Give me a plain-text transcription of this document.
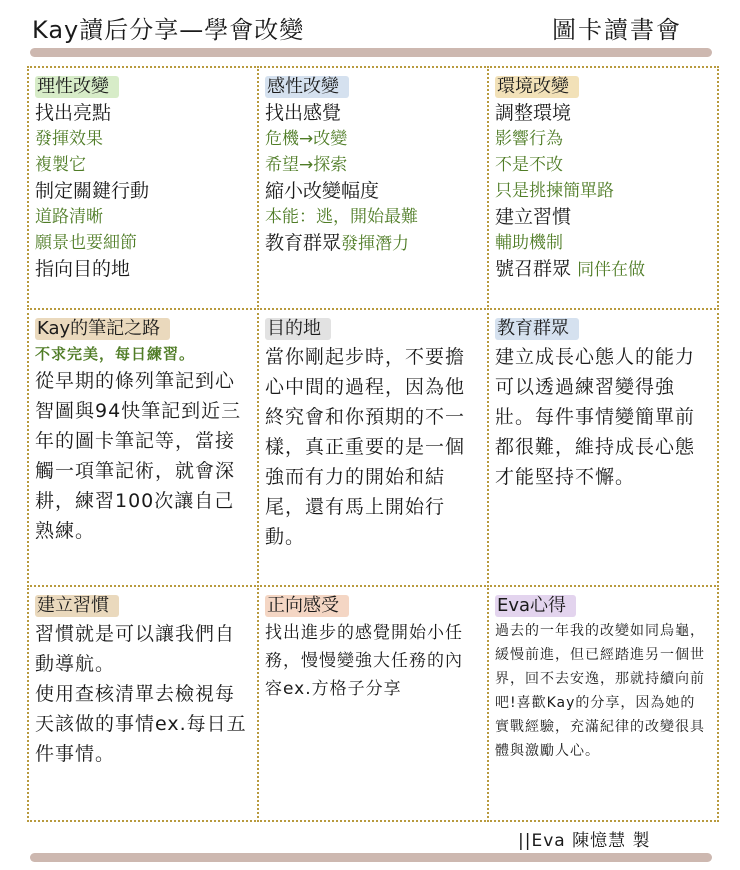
Kay讀后分享—學會改變	圖卡讀書會
理性改變
找出亮點
發揮效果
複製它
制定關鍵行動
道路清晰
願景也要細節
指向目的地
感性改變
找出感覺
危機→改變
希望→探索
縮小改變幅度
本能：逃，開始最難
教育群眾發揮潛力
環境改變
調整環境
影響行為
不是不改
只是挑揀簡單路
建立習慣
輔助機制
號召群眾 同伴在做
Kay的筆記之路
不求完美，每日練習。
從早期的條列筆記到心智圖與94快筆記到近三年的圖卡筆記等，當接觸一項筆記術，就會深耕，練習100次讓自己熟練。
目的地
當你剛起步時，不要擔心中間的過程，因為他終究會和你預期的不一樣，真正重要的是一個強而有力的開始和結尾，還有馬上開始行動。
教育群眾
建立成長心態人的能力可以透過練習變得強壯。每件事情變簡單前都很難，維持成長心態才能堅持不懈。
建立習慣
習慣就是可以讓我們自動導航。
使用查核清單去檢視每天該做的事情ex.每日五件事情。
正向感受
找出進步的感覺開始小任務，慢慢變強大任務的內容ex.方格子分享
Eva心得
過去的一年我的改變如同烏龜，緩慢前進，但已經踏進另一個世界，回不去安逸，那就持續向前吧!喜歡Kay的分享，因為她的實戰經驗，充滿紀律的改變很具體與激勵人心。
||Eva 陳憶慧 製
